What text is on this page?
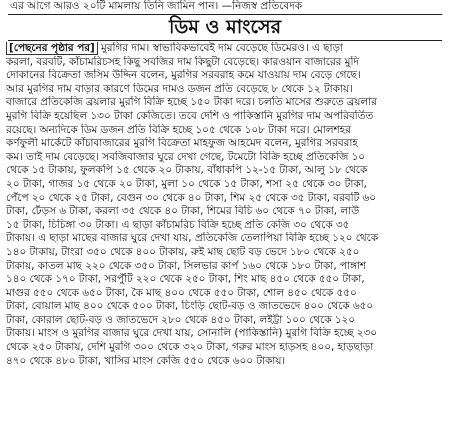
এর আগে আরও ২০টি মামলায় তিনি জামিন পান। —নিজস্ব প্রতিবেদক
ডিম ও মাংসের
[পেছনের পৃষ্ঠার পর] মুরগির দাম। স্বাভাবিকভাবেই দাম বেড়েছে ডিমেরও। এ ছাড়া
করলা, বরবটি, কাঁচামরিচসহ কিছু সবজির দাম কিছুটা বেড়েছে। কারওয়ান বাজারের মুদি
দোকানের বিক্রেতা জসিম উদ্দিন বলেন, মুরগির সরবরাহ কমে যাওয়ায় দাম বেড়ে গেছে।
আর মুরগির দাম বাড়ার কারণে ডিমের দামও ডজন প্রতি বেড়েছে ৮ থেকে ১২ টাকায়।
বাজারে প্রতিকেজি ব্রয়লার মুরগি বিক্রি হচ্ছে ১৫০ টাকা দরে। চলতি মাসের শুরুতে ব্রয়লার
মুরগি বিক্রি হয়েছিল ১৩০ টাকা কেজিতে। তবে দেশি ও পাকিস্তানি মুরগির দাম অপরিবর্তিত
রয়েছে। অন্যদিকে ডিম ডজন প্রতি বিক্রি হচ্ছে ১০৫ থেকে ১০৮ টাকা দরে। মোলশহর
কর্ণফুলী মার্কেটে কাঁচাবাজারের মুরগি বিক্রেতা মাহফুজ আহমেদ বলেন, মুরগির সরবরাহ
কম। তাই দাম বেড়েছে। সবজিবাজার ঘুরে দেখা গেছে, টমেটো বিক্রি হচ্ছে প্রতিকেজি ১০
থেকে ১৫ টাকায়, ফুলকপি ১৫ থেকে ২০ টাকায়, বাঁধাকপি ১২-১৫ টাকা, আলু ১৮ থেকে
২০ টাকা, গাজর ১৫ থেকে ২০ টাকা, মুলা ১০ থেকে ১৫ টাকা, শসা ২৫ থেকে ৩০ টাকা,
পেঁপে ২০ থেকে ২৫ টাকা, বেগুন ৩০ থেকে ৪০ টাকা, শিম ২৫ থেকে ৩৫ টাকা, বরবটি ৬০
টাকা, ঢেঁড়স ৬ টাকা, করলা ৩৫ থেকে ৪০ টাকা, শিমের বিচি ৬০ থেকে ৭০ টাকা, লাউ
১৫ টাকা, চিচিঙ্গা ৩০ টাকা। এ ছাড়া কাঁচামরিচ বিক্রি হচ্ছে প্রতি কেজি ৩০ থেকে ৩৫
টাকায়। এ ছাড়া মাছের বাজার ঘুরে দেখা যায়, প্রতিকেজি তেলাপিয়া বিক্রি হচ্ছে ১২০ থেকে
১৪০ টাকায়, টাংরা ৩৫০ থেকে ৪০০ টাকায়, রুই মাছ ছোট বড় ভেদে ১৮০ থেকে ২৫০
টাকায়, কাতল মাছ ২২০ থেকে ৩৫০ টাকা, সিলভার কার্প ১৬০ থেকে ১৮০ টাকা, পাঙ্গাশ
১৪০ থেকে ১৭০ টাকা, সরপুঁটি ২২০ থেকে ২৫০ টাকা, শিং মাছ ৪৫০ থেকে ৫৫০ টাকা,
মাগুর ৫৫০ থেকে ৬৫০ টাকা, কৈ মাছ ৪০০ থেকে ৫৫০ টাকা, শোল ৪৫০ থেকে ৫৫০
টাকা, বোয়াল মাছ ৪০০ থেকে ৫০০ টাকা, চিংড়ি ছোট-বড় ও জাতভেদে ৪০০ থেকে ৬৫০
টাকা, কোরাল ছোট-বড় ও জাতভেদে ২৮০ থেকে ৪৫০ টাকা, লইট্টা ১০০ থেকে ১২০
টাকায়। মাংস ও মুরগির বাজার ঘুরে দেখা যায়, সোনালি (পাকিস্তানি) মুরগি বিক্রি হচ্ছে ২৩০
থেকে ২৫০ টাকায়, দেশি মুরগি ৩০০ থেকে ৩২০ টাকা, গরুর মাংস হাড়সহ ৪০০, হাড়ছাড়া
৪৭০ থেকে ৪৮০ টাকা, খাসির মাংস কেজি ৫৫০ থেকে ৬০০ টাকায়।
